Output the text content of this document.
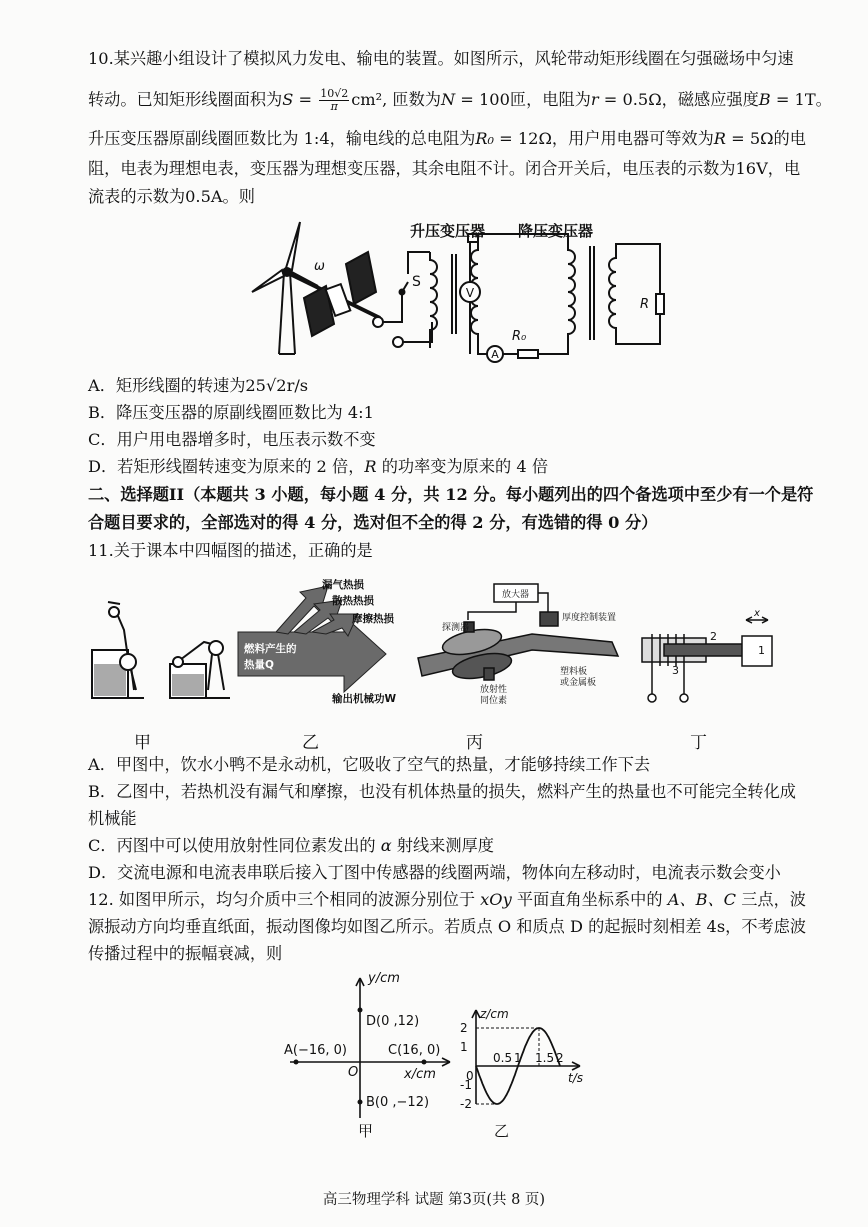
10.某兴趣小组设计了模拟风力发电、输电的装置。如图所示，风轮带动矩形线圈在匀强磁场中匀速
转动。已知矩形线圈面积为$S = \frac{10√2}{\pi} cm^2$, 匝数为N = 100匝，电阻为r = 0.5Ω，磁感应强度B = 1T。
升压变压器原副线圈匝数比为 1:4，输电线的总电阻为R₀ = 12Ω，用户用电器可等效为R = 5Ω的电
阻，电表为理想电表，变压器为理想变压器，其余电阻不计。闭合开关后，电压表的示数为16V，电
流表的示数为0.5A。则
V
A
升压变压器 降压变压器
ω
S
R₀
R
A．矩形线圈的转速为25√2r/s
B．降压变压器的原副线圈匝数比为 4:1
C．用户用电器增多时，电压表示数不变
D．若矩形线圈转速变为原来的 2 倍，R 的功率变为原来的 4 倍
二、选择题II（本题共 3 小题，每小题 4 分，共 12 分。每小题列出的四个备选项中至少有一个是符
合题目要求的，全部选对的得 4 分，选对但不全的得 2 分，有选错的得 0 分）
11.关于课本中四幅图的描述，正确的是
漏气热损
散热热损
摩擦热损
燃料产生的
热量Q
输出机械功W
放大器
厚度控制装置
探测器
放射性
同位素
塑料板
或金属板
2
3
1
x
甲	乙	丙	丁
A．甲图中，饮水小鸭不是永动机，它吸收了空气的热量，才能够持续工作下去
B．乙图中，若热机没有漏气和摩擦，也没有机体热量的损失，燃料产生的热量也不可能完全转化成
机械能
C．丙图中可以使用放射性同位素发出的 α 射线来测厚度
D．交流电源和电流表串联后接入丁图中传感器的线圈两端，物体向左移动时，电流表示数会变小
12. 如图甲所示，均匀介质中三个相同的波源分别位于 xOy 平面直角坐标系中的 A、B、C 三点，波
源振动方向均垂直纸面，振动图像均如图乙所示。若质点 O 和质点 D 的起振时刻相差 4s，不考虑波
传播过程中的振幅衰减，则
y/cm
x/cm
O
D(0 ,12)
A(−16, 0)	C(16, 0)
B(0 ,−12)
甲
0
0.5 1 1.5 2
2
1
-1
-2
z/cm
t/s
乙
高三物理学科 试题 第3页(共 8 页)
